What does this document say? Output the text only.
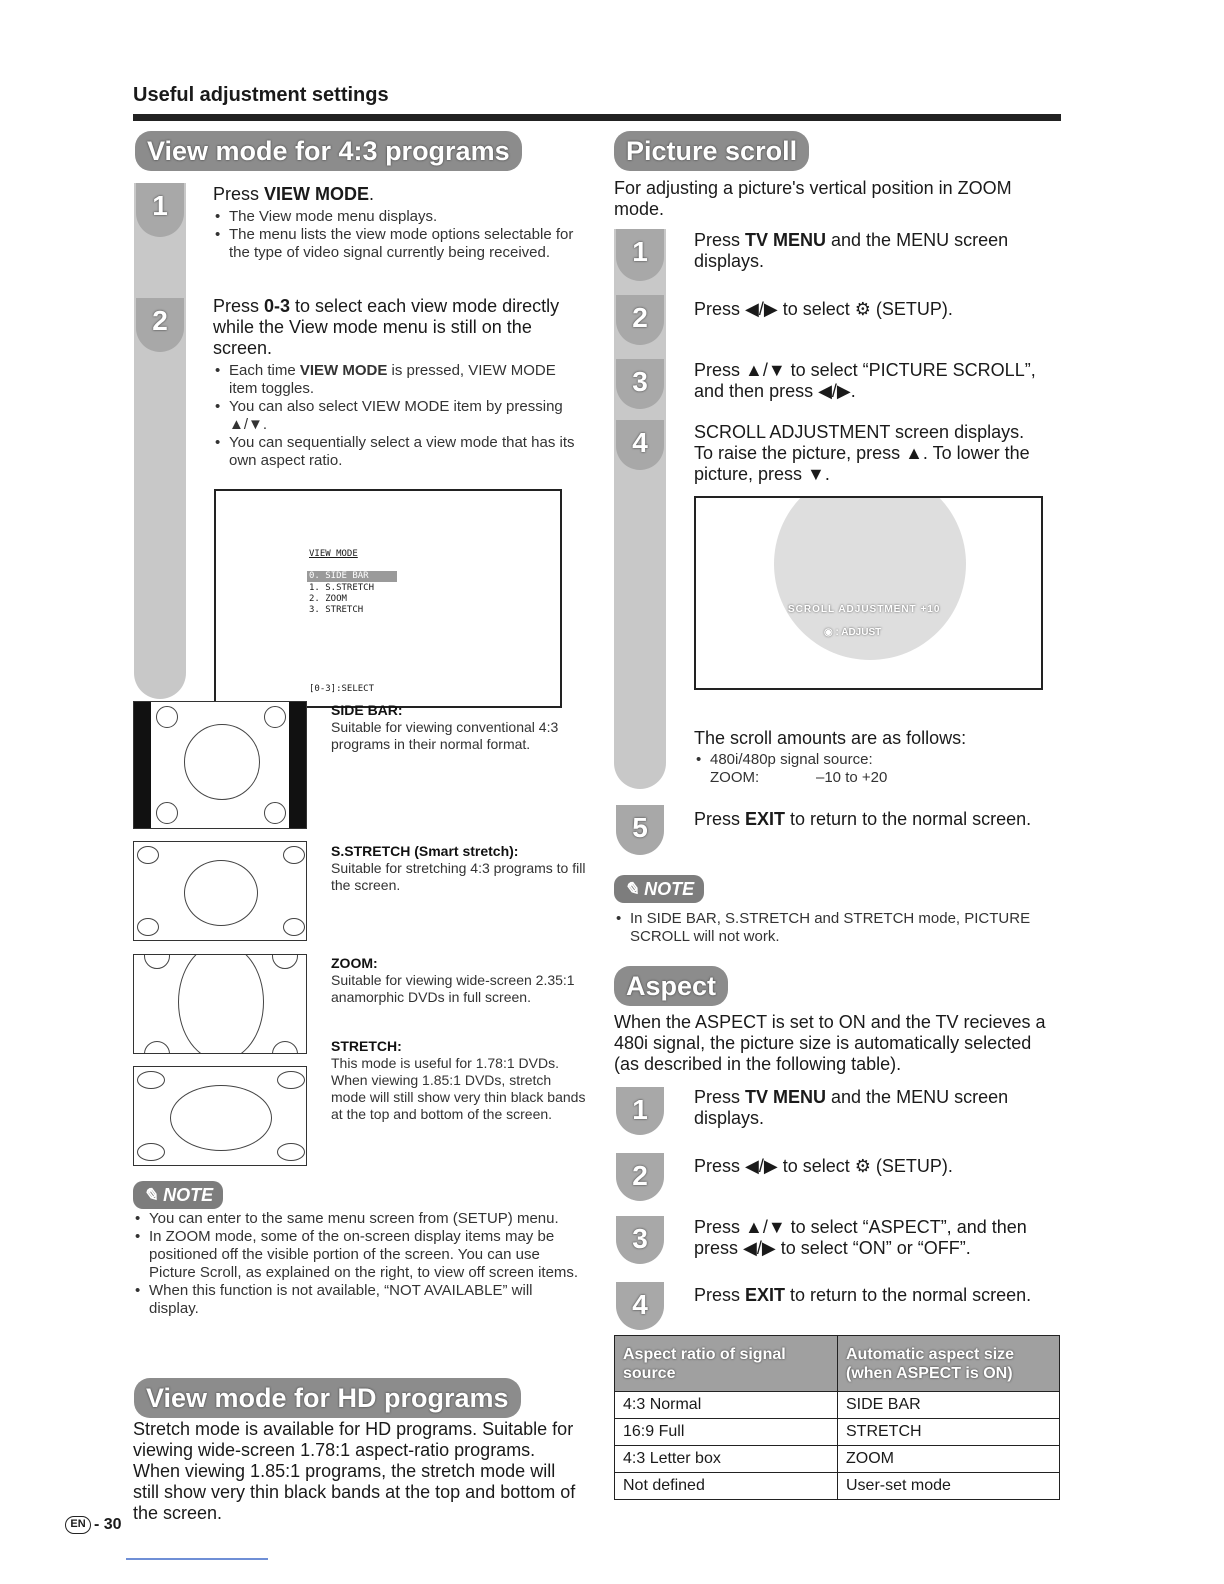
Useful adjustment settings
View mode for 4:3 programs
1
2
Press VIEW MODE.
• The View mode menu displays.
• The menu lists the view mode options selectable for the type of video signal currently being received.
Press 0-3 to select each view mode directly while the View mode menu is still on the screen.
• Each time VIEW MODE is pressed, VIEW MODE item toggles.
• You can also select VIEW MODE item by pressing ▲/▼.
• You can sequentially select a view mode that has its own aspect ratio.
VIEW MODE
0. SIDE BAR
1. S.STRETCH
2. ZOOM
3. STRETCH
[0-3]:SELECT
SIDE BAR:
Suitable for viewing conventional 4:3 programs in their normal format.
S.STRETCH (Smart stretch):
Suitable for stretching 4:3 programs to fill the screen.
ZOOM:
Suitable for viewing wide-screen 2.35:1 anamorphic DVDs in full screen.
STRETCH:
This mode is useful for 1.78:1 DVDs. When viewing 1.85:1 DVDs, stretch mode will still show very thin black bands at the top and bottom of the screen.
✎ NOTE
• You can enter to the same menu screen from (SETUP) menu.
• In ZOOM mode, some of the on-screen display items may be positioned off the visible portion of the screen. You can use Picture Scroll, as explained on the right, to view off screen items.
• When this function is not available, “NOT AVAILABLE” will display.
View mode for HD programs
Stretch mode is available for HD programs. Suitable for viewing wide-screen 1.78:1 aspect-ratio programs. When viewing 1.85:1 programs, the stretch mode will still show very thin black bands at the top and bottom of the screen.
EN - 30
Picture scroll
For adjusting a picture's vertical position in ZOOM mode.
1
2
3
4
Press TV MENU and the MENU screen displays.
Press ◀/▶ to select ⚙ (SETUP).
Press ▲/▼ to select “PICTURE SCROLL”, and then press ◀/▶.
SCROLL ADJUSTMENT screen displays.
To raise the picture, press ▲. To lower the picture, press ▼.
SCROLL ADJUSTMENT +10
◉ : ADJUST
The scroll amounts are as follows:
• 480i/480p signal source:
ZOOM:	–10 to +20
5	Press EXIT to return to the normal screen.
✎ NOTE
• In SIDE BAR, S.STRETCH and STRETCH mode, PICTURE SCROLL will not work.
Aspect
When the ASPECT is set to ON and the TV recieves a 480i signal, the picture size is automatically selected (as described in the following table).
1
2
3
4
Press TV MENU and the MENU screen displays.
Press ◀/▶ to select ⚙ (SETUP).
Press ▲/▼ to select “ASPECT”, and then press ◀/▶ to select “ON” or “OFF”.
Press EXIT to return to the normal screen.
Aspect ratio of signal source	Automatic aspect size (when ASPECT is ON)
4:3 Normal	SIDE BAR
16:9 Full	STRETCH
4:3 Letter box	ZOOM
Not defined	User-set mode
